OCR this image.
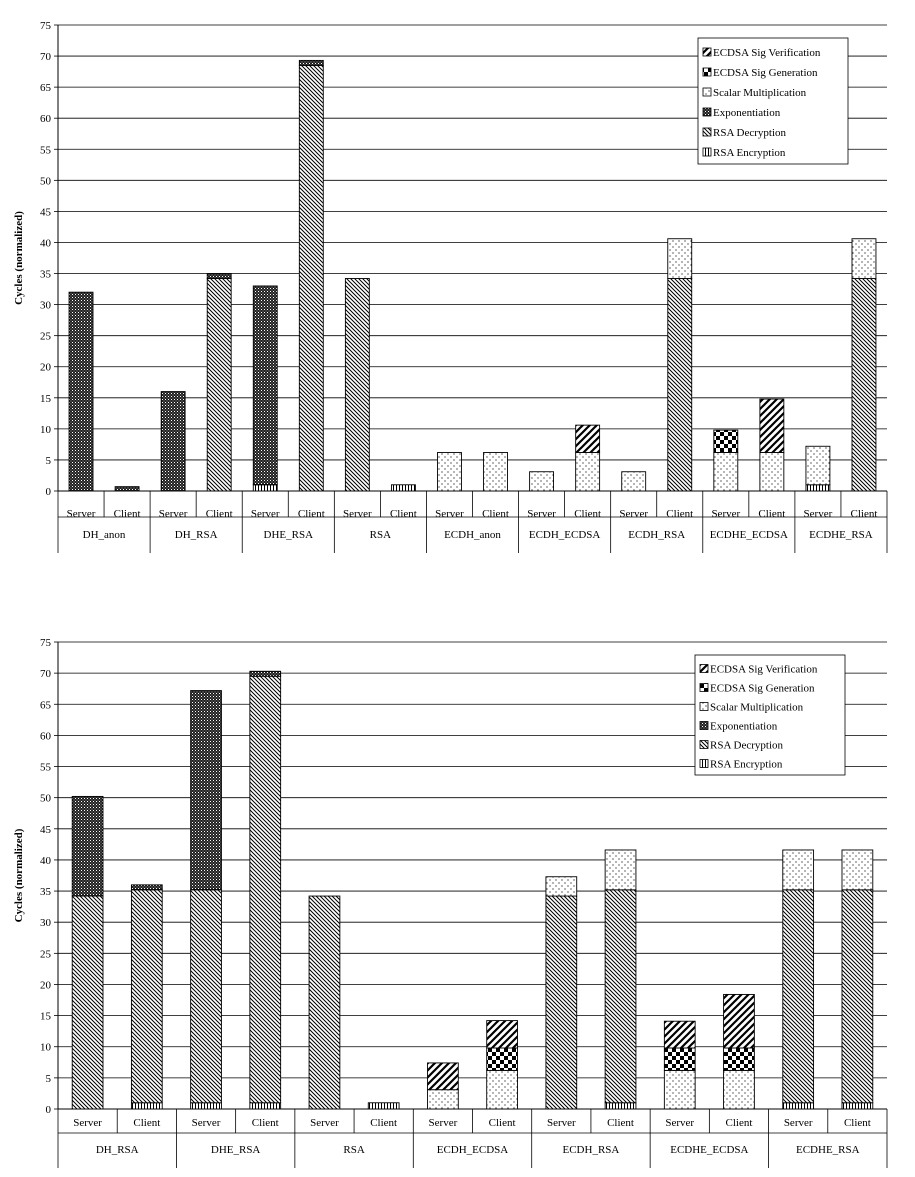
0
5
10
15
20
25
30
35
40
45
50
55
60
65
70
75
Cycles (normalized)
Server Client
DH_anon
Server Client
DH_RSA
Server Client
DHE_RSA
Server Client
RSA
Server Client
ECDH_anon
Server Client
ECDH_ECDSA
Server Client
ECDH_RSA
Server Client
ECDHE_ECDSA
Server Client
ECDHE_RSA
ECDSA Sig Verification
ECDSA Sig Generation
Scalar Multiplication
Exponentiation
RSA Decryption
RSA Encryption
0
5
10
15
20
25
30
35
40
45
50
55
60
65
70
75
Cycles (normalized)
Server	Client
DH_RSA
Server	Client
DHE_RSA
Server	Client
RSA
Server	Client
ECDH_ECDSA
Server	Client
ECDH_RSA
Server	Client
ECDHE_ECDSA
Server	Client
ECDHE_RSA
ECDSA Sig Verification
ECDSA Sig Generation
Scalar Multiplication
Exponentiation
RSA Decryption
RSA Encryption
